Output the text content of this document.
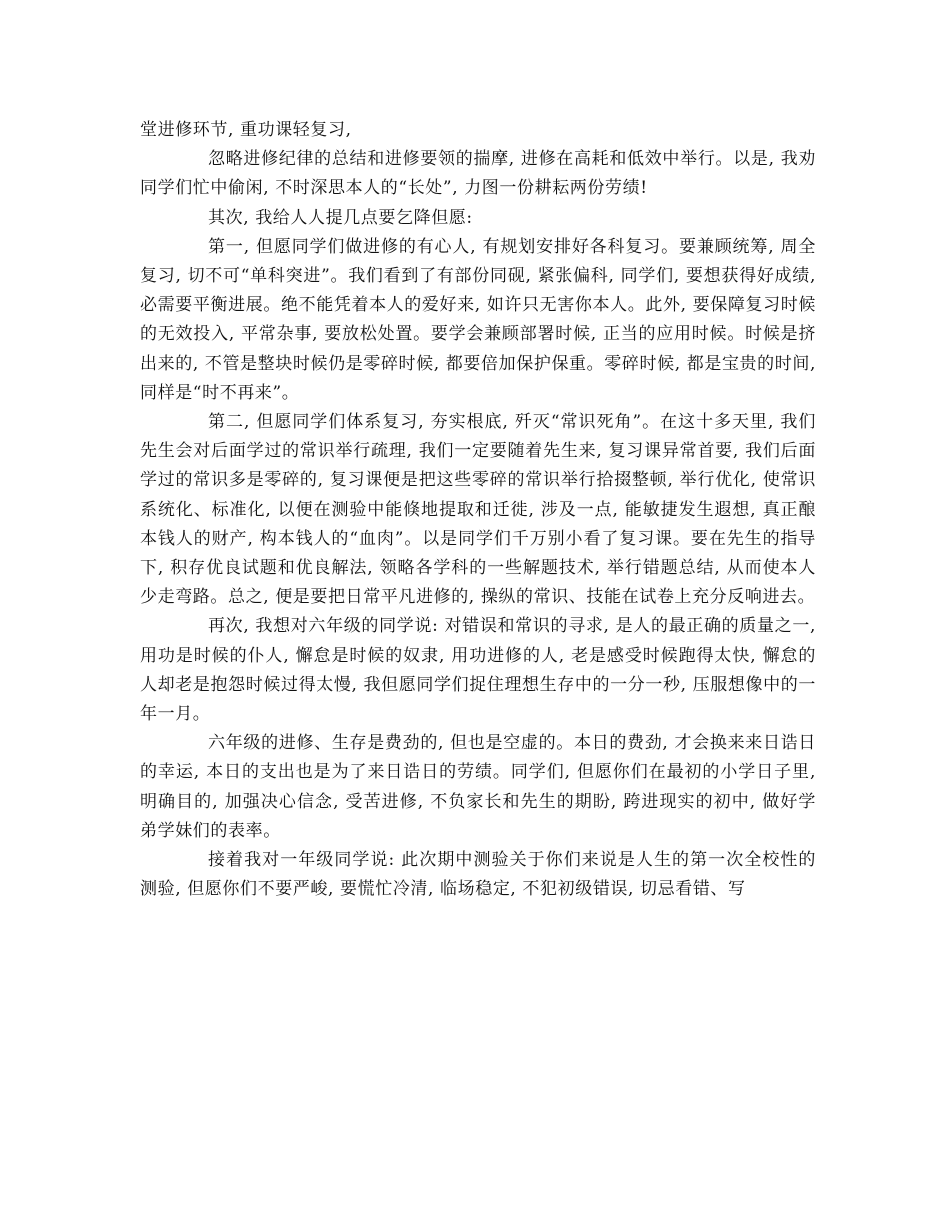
堂进修环节, 重功课轻复习,

忽略进修纪律的总结和进修要领的揣摩, 进修在高耗和低效中举行。以是, 我劝同学们忙中偷闲, 不时深思本人的“长处”, 力图一份耕耘两份劳绩!

其次, 我给人人提几点要乞降但愿:

第一, 但愿同学们做进修的有心人, 有规划安排好各科复习。要兼顾统筹, 周全复习, 切不可“单科突进”。我们看到了有部份同砚, 紧张偏科, 同学们, 要想获得好成绩, 必需要平衡进展。绝不能凭着本人的爱好来, 如许只无害你本人。此外, 要保障复习时候的无效投入, 平常杂事, 要放松处置。要学会兼顾部署时候, 正当的应用时候。时候是挤出来的, 不管是整块时候仍是零碎时候, 都要倍加保护保重。零碎时候, 都是宝贵的时间, 同样是“时不再来”。

第二, 但愿同学们体系复习, 夯实根底, 歼灭“常识死角”。在这十多天里, 我们先生会对后面学过的常识举行疏理, 我们一定要随着先生来, 复习课异常首要, 我们后面学过的常识多是零碎的, 复习课便是把这些零碎的常识举行拾掇整顿, 举行优化, 使常识系统化、标准化, 以便在测验中能倏地提取和迁徙, 涉及一点, 能敏捷发生遐想, 真正酿本钱人的财产, 构本钱人的“血肉”。以是同学们千万别小看了复习课。要在先生的指导下, 积存优良试题和优良解法, 领略各学科的一些解题技术, 举行错题总结, 从而使本人少走弯路。总之, 便是要把日常平凡进修的, 操纵的常识、技能在试卷上充分反响进去。

再次, 我想对六年级的同学说: 对错误和常识的寻求, 是人的最正确的质量之一, 用功是时候的仆人, 懈怠是时候的奴隶, 用功进修的人, 老是感受时候跑得太快, 懈怠的人却老是抱怨时候过得太慢, 我但愿同学们捉住理想生存中的一分一秒, 压服想像中的一年一月。

六年级的进修、生存是费劲的, 但也是空虚的。本日的费劲, 才会换来来日诰日的幸运, 本日的支出也是为了来日诰日的劳绩。同学们, 但愿你们在最初的小学日子里, 明确目的, 加强决心信念, 受苦进修, 不负家长和先生的期盼, 跨进现实的初中, 做好学弟学妹们的表率。

接着我对一年级同学说: 此次期中测验关于你们来说是人生的第一次全校性的测验, 但愿你们不要严峻, 要慌忙冷清, 临场稳定, 不犯初级错误, 切忌看错、写
